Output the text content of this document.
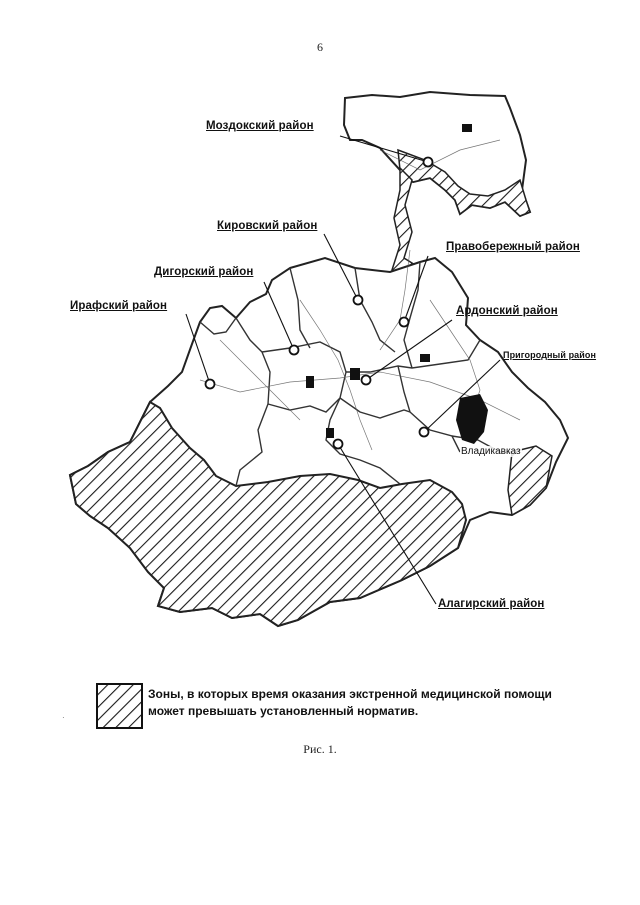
6
Моздокский район
Кировский район
Правобережный район
Дигорский район
Ардонский район
Ирафский район
Пригородный район
Алагирский район
Владикавказ
Зоны, в которых время оказания экстренной медицинской помощи может превышать установленный норматив.
·
Рис. 1.
